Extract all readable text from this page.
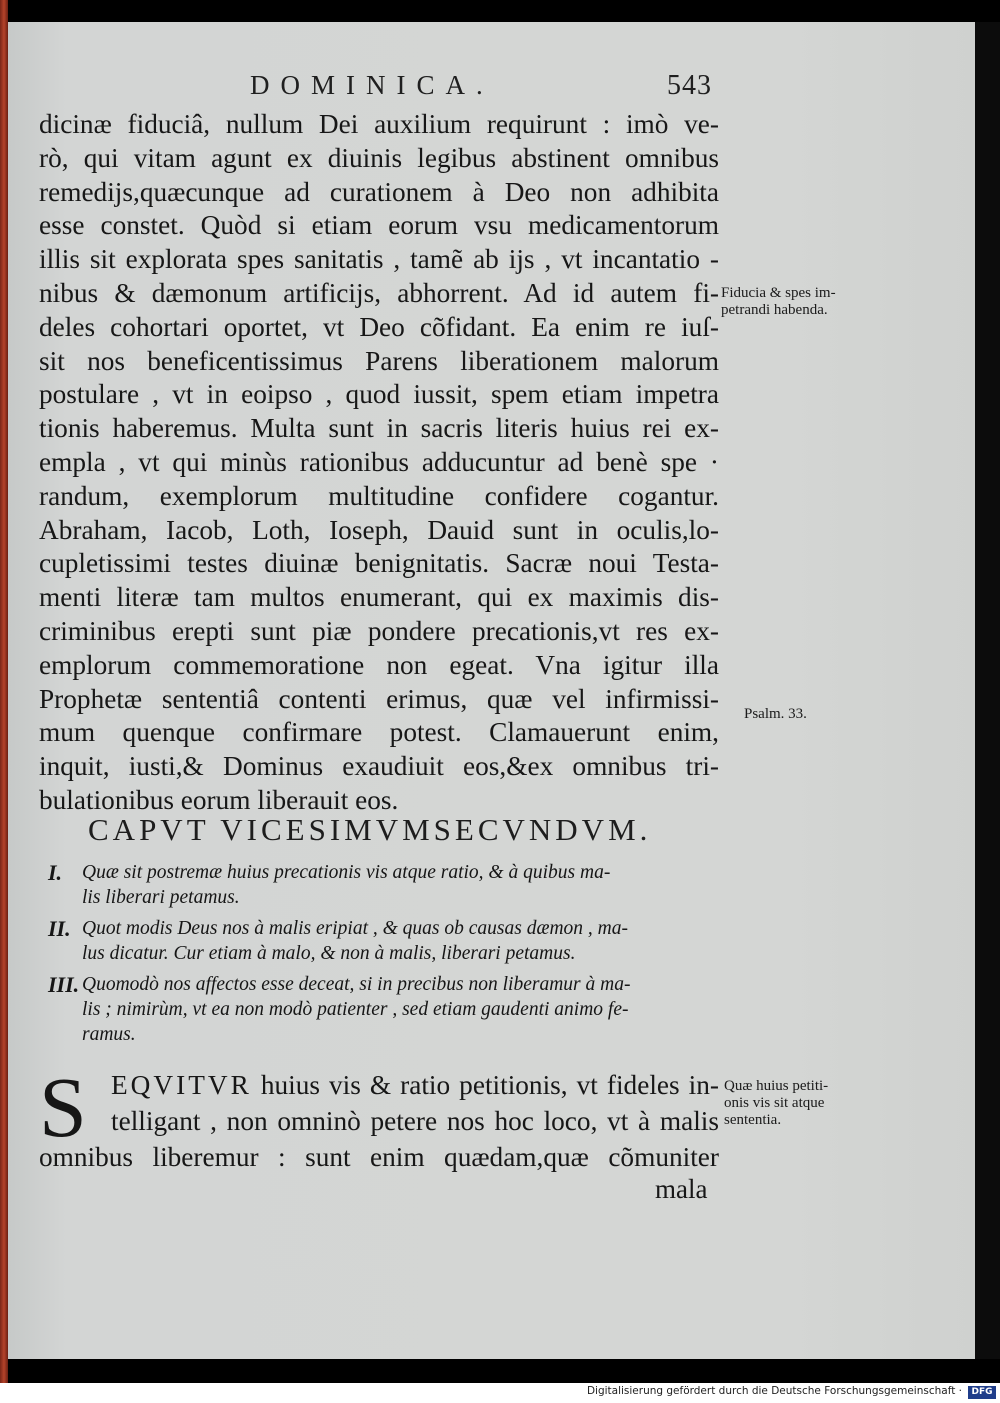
DOMINICA.	543
dicinæ fiduciâ, nullum Dei auxilium requirunt : imò ve-
rò, qui vitam agunt ex diuinis legibus abstinent omnibus
remedijs,quæcunque ad curationem à Deo non adhibita
esse constet. Quòd si etiam eorum vsu medicamentorum
illis sit explorata spes sanitatis , tamẽ ab ijs , vt incantatio -
nibus & dæmonum artificijs, abhorrent. Ad id autem fi-
deles cohortari oportet, vt Deo cõfidant. Ea enim re iuſ-
sit nos beneficentissimus Parens liberationem malorum
postulare , vt in eoipso , quod iussit, spem etiam impetra
tionis haberemus. Multa sunt in sacris literis huius rei ex-
empla , vt qui minùs rationibus adducuntur ad benè spe ·
randum, exemplorum multitudine confidere cogantur.
Abraham, Iacob, Loth, Ioseph, Dauid sunt in oculis,lo-
cupletissimi testes diuinæ benignitatis. Sacræ noui Testa-
menti literæ tam multos enumerant, qui ex maximis dis-
criminibus erepti sunt piæ pondere precationis,vt res ex-
emplorum commemoratione non egeat. Vna igitur illa
Prophetæ sententiâ contenti erimus, quæ vel infirmissi-
mum quenque confirmare potest. Clamauerunt enim,
inquit, iusti,& Dominus exaudiuit eos,&ex omnibus tri-
bulationibus eorum liberauit eos.
CAPVT VICESIMVMSECVNDVM.
I. Quæ sit postremæ huius precationis vis atque ratio, & à quibus ma-
lis liberari petamus.
II. Quot modis Deus nos à malis eripiat , & quas ob causas dæmon , ma-
lus dicatur. Cur etiam à malo, & non à malis, liberari petamus.
III. Quomodò nos affectos esse deceat, si in precibus non liberamur à ma-
lis ; nimirùm, vt ea non modò patienter , sed etiam gaudenti animo fe-
ramus.
S EQVITVR huius vis & ratio petitionis, vt fideles in-
telligant , non omninò petere nos hoc loco, vt à malis
omnibus liberemur : sunt enim quædam,quæ cõmuniter
mala
Fiducia & spes im-
petrandi habenda.
Psalm. 33.
Quæ huius petiti-
onis vis sit atque
sententia.
Digitalisierung gefördert durch die Deutsche Forschungsgemeinschaft ·	DFG
